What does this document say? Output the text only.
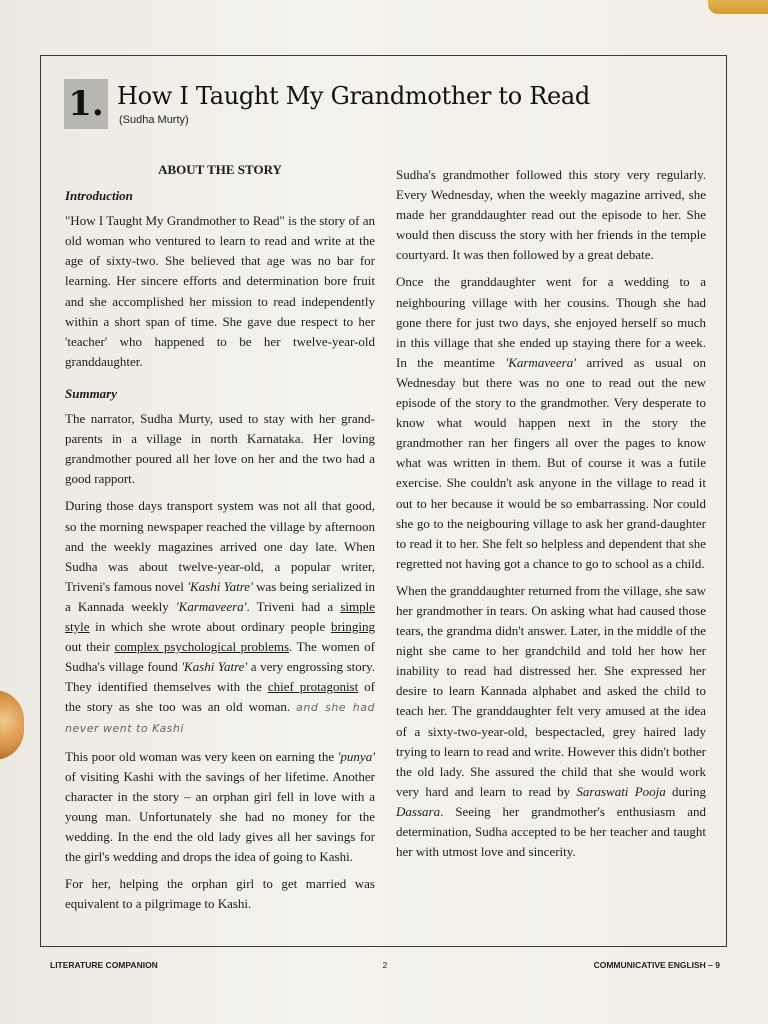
1. How I Taught My Grandmother to Read
(Sudha Murty)
ABOUT THE STORY
Introduction

"How I Taught My Grandmother to Read" is the story of an old woman who ventured to learn to read and write at the age of sixty-two. She believed that age was no bar for learning. Her sincere efforts and determination bore fruit and she accomplished her mission to read independently within a short span of time. She gave due respect to her 'teacher' who happened to be her twelve-year-old granddaughter.

Summary

The narrator, Sudha Murty, used to stay with her grand-parents in a village in north Karnataka. Her loving grandmother poured all her love on her and the two had a good rapport.

During those days transport system was not all that good, so the morning newspaper reached the village by afternoon and the weekly magazines arrived one day late. When Sudha was about twelve-year-old, a popular writer, Triveni's famous novel 'Kashi Yatre' was being serialized in a Kannada weekly 'Karmaveera'. Triveni had a simple style in which she wrote about ordinary people bringing out their complex psychological problems. The women of Sudha's village found 'Kashi Yatre' a very engrossing story. They identified themselves with the chief protagonist of the story as she too was an old woman. and she had never went to Kashi

This poor old woman was very keen on earning the 'punya' of visiting Kashi with the savings of her lifetime. Another character in the story – an orphan girl fell in love with a young man. Unfortunately she had no money for the wedding. In the end the old lady gives all her savings for the girl's wedding and drops the idea of going to Kashi.

For her, helping the orphan girl to get married was equivalent to a pilgrimage to Kashi.

Sudha's grandmother followed this story very regularly. Every Wednesday, when the weekly magazine arrived, she made her granddaughter read out the episode to her. She would then discuss the story with her friends in the temple courtyard. It was then followed by a great debate.

Once the granddaughter went for a wedding to a neighbouring village with her cousins. Though she had gone there for just two days, she enjoyed herself so much in this village that she ended up staying there for a week. In the meantime 'Karmaveera' arrived as usual on Wednesday but there was no one to read out the new episode of the story to the grandmother. Very desperate to know what would happen next in the story the grandmother ran her fingers all over the pages to know what was written in them. But of course it was a futile exercise. She couldn't ask anyone in the village to read it out to her because it would be so embarrassing. Nor could she go to the neigbouring village to ask her grand-daughter to read it to her. She felt so helpless and dependent that she regretted not having got a chance to go to school as a child.

When the granddaughter returned from the village, she saw her grandmother in tears. On asking what had caused those tears, the grandma didn't answer. Later, in the middle of the night she came to her grandchild and told her how her inability to read had distressed her. She expressed her desire to learn Kannada alphabet and asked the child to teach her. The granddaughter felt very amused at the idea of a sixty-two-year-old, bespectacled, grey haired lady trying to learn to read and write. However this didn't bother the old lady. She assured the child that she would work very hard and learn to read by Saraswati Pooja during Dassara. Seeing her grandmother's enthusiasm and determination, Sudha accepted to be her teacher and taught her with utmost love and sincerity.

2
LITERATURE COMPANION	COMMUNICATIVE ENGLISH – 9
